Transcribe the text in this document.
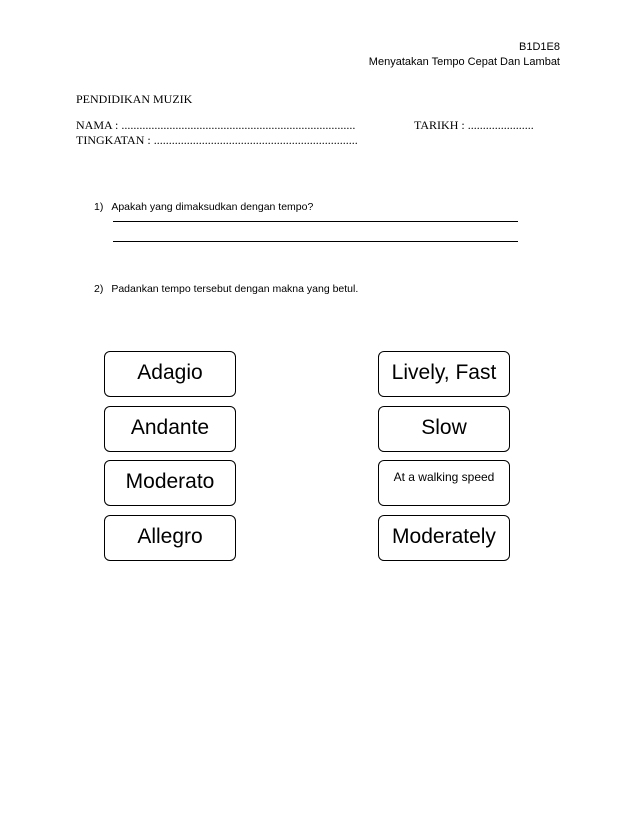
B1D1E8
Menyatakan Tempo Cepat Dan Lambat
PENDIDIKAN MUZIK
NAMA : ..............................................................................	TARIKH : ......................
TINGKATAN : ....................................................................
1) Apakah yang dimaksudkan dengan tempo?
2) Padankan tempo tersebut dengan makna yang betul.
Adagio
Andante
Moderato
Allegro
Lively, Fast
Slow
At a walking speed
Moderately
